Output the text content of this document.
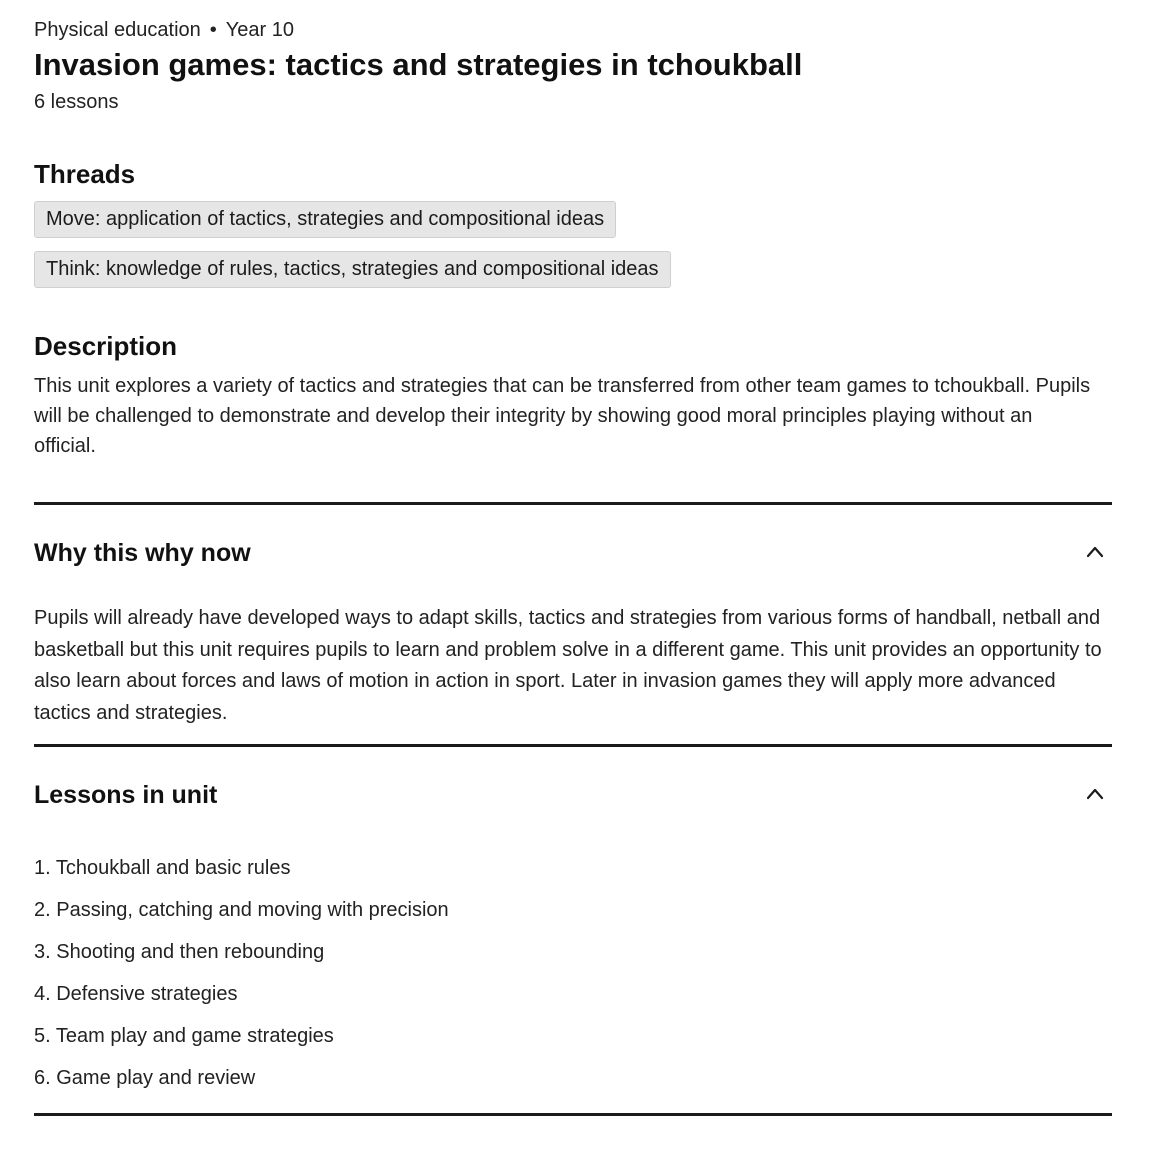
Physical education • Year 10
Invasion games: tactics and strategies in tchoukball
6 lessons
Threads
Move: application of tactics, strategies and compositional ideas
Think: knowledge of rules, tactics, strategies and compositional ideas
Description

This unit explores a variety of tactics and strategies that can be transferred from other team games to tchoukball. Pupils will be challenged to demonstrate and develop their integrity by showing good moral principles playing without an official.

Why this why now

Pupils will already have developed ways to adapt skills, tactics and strategies from various forms of handball, netball and basketball but this unit requires pupils to learn and problem solve in a different game. This unit provides an opportunity to also learn about forces and laws of motion in action in sport. Later in invasion games they will apply more advanced tactics and strategies.

Lessons in unit
1. Tchoukball and basic rules
2. Passing, catching and moving with precision
3. Shooting and then rebounding
4. Defensive strategies
5. Team play and game strategies
6. Game play and review
